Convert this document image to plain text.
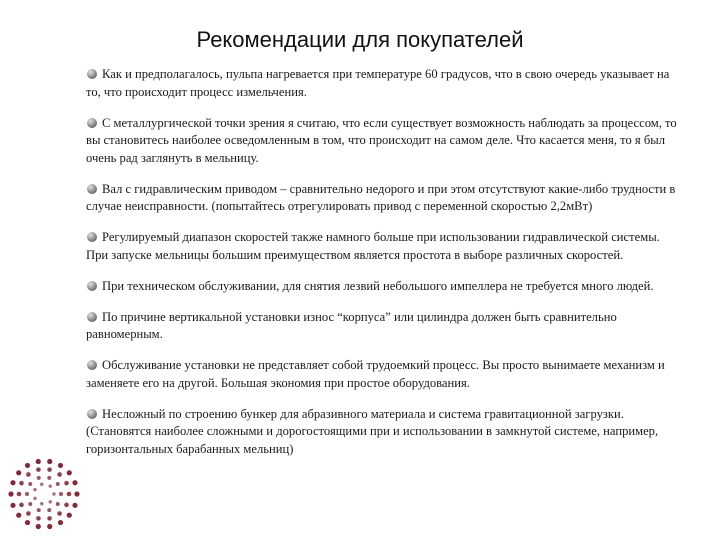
Рекомендации для покупателей
Как и предполагалось, пульпа нагревается при температуре 60 градусов, что в свою очередь указывает на то, что происходит процесс измельчения.
С металлургической точки зрения я считаю, что если существует возможность наблюдать за процессом, то вы становитесь наиболее осведомленным в том, что происходит на самом деле. Что касается меня, то я был очень рад заглянуть в мельницу.
Вал с гидравлическим приводом – сравнительно недорого и при этом отсутствуют какие-либо трудности в случае неисправности. (попытайтесь отрегулировать привод с переменной скоростью 2,2мВт)
Регулируемый диапазон скоростей также намного больше при использовании гидравлической системы. При запуске мельницы большим преимуществом является простота в выборе различных скоростей.
При техническом обслуживании, для снятия лезвий небольшого импеллера не требуется много людей.
По причине вертикальной установки износ “корпуса” или цилиндра должен быть сравнительно равномерным.
Обслуживание установки не представляет собой трудоемкий процесс. Вы просто вынимаете механизм и заменяете его на другой. Большая экономия при простое оборудования.
Несложный по строению бункер для абразивного материала и система гравитационной загрузки. (Становятся наиболее сложными и дорогостоящими при и использовании в замкнутой системе, например, горизонтальных барабанных мельниц)
